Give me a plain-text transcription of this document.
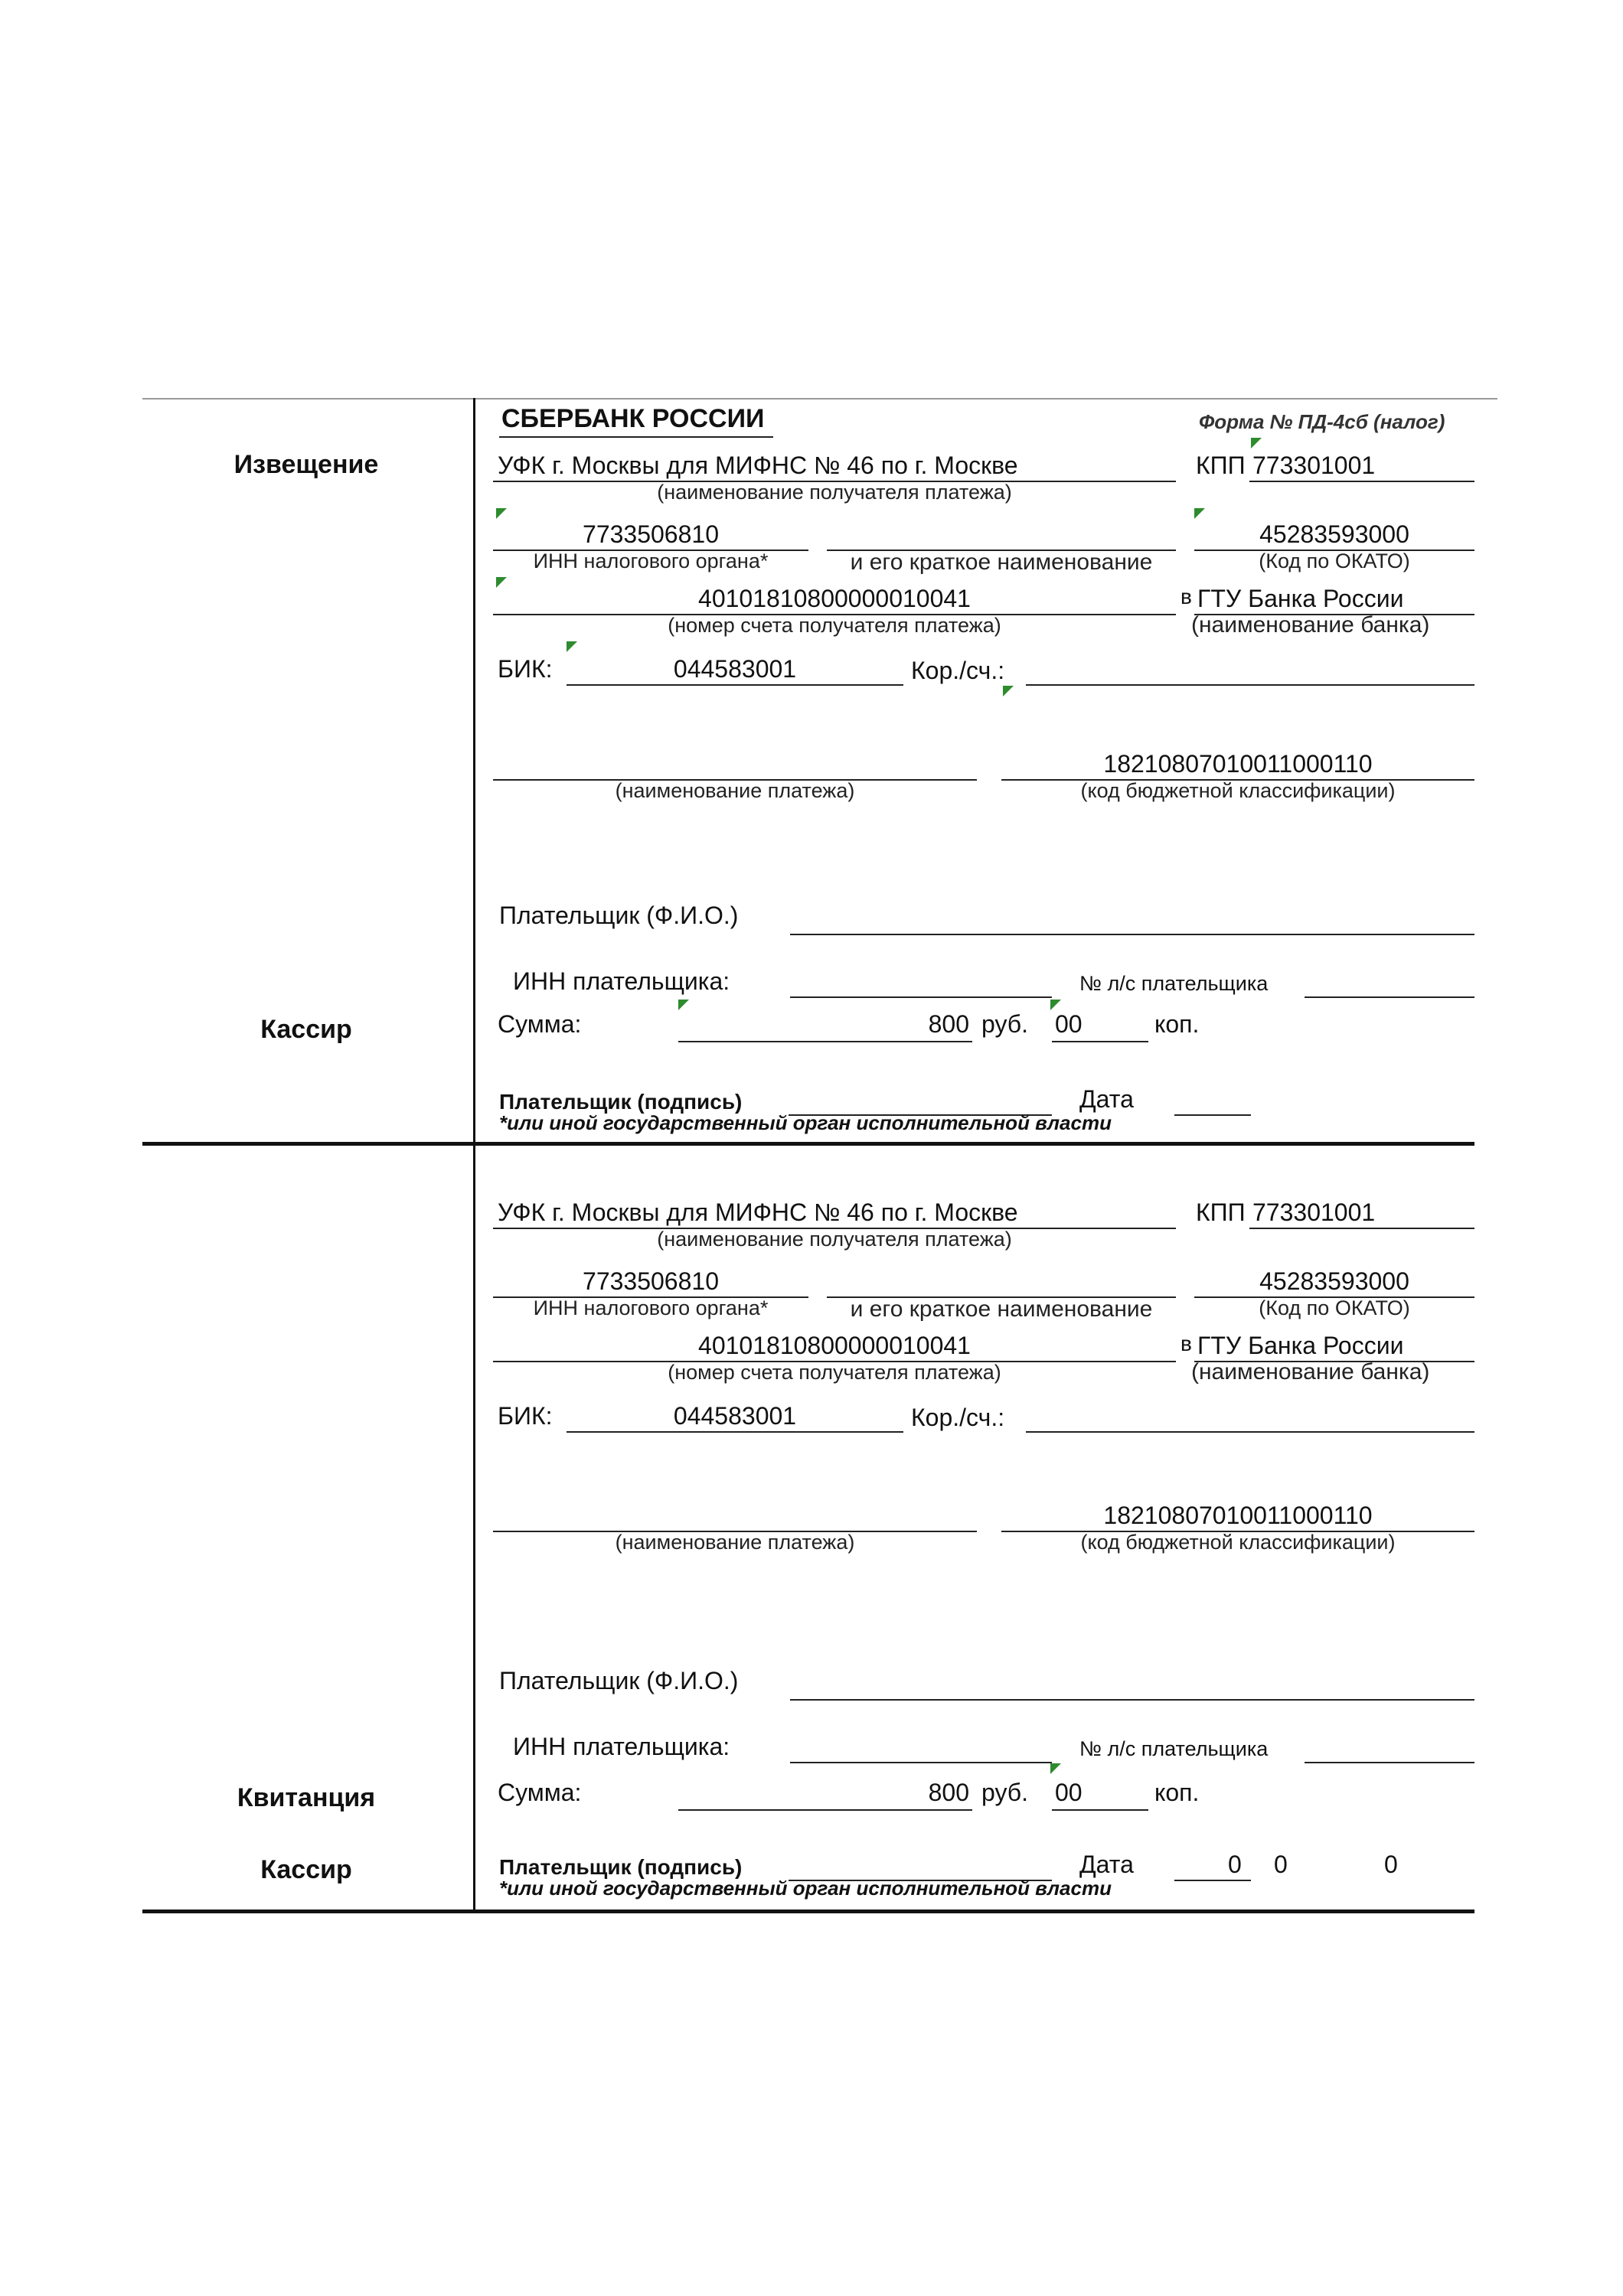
Извещение
Кассир
Квитанция
Кассир
СБЕРБАНК РОССИИ	Форма № ПД-4сб (налог)
УФК г. Москвы для МИФНС № 46 по г. Москве
(наименование получателя платежа)
КПП 773301001
7733506810
ИНН налогового органа*	и его краткое наименование
45283593000
(Код по ОКАТО)
40101810800000010041
(номер счета получателя платежа)
в ГТУ Банка России
(наименование банка)
БИК:	044583001	Кор./сч.:
(наименование платежа)
18210807010011000110
(код бюджетной классификации)
Плательщик (Ф.И.О.)
ИНН плательщика:	№ л/с плательщика
Сумма:	800 руб. 00	коп.
Плательщик (подпись)	Дата
*или иной государственный орган исполнительной власти
УФК г. Москвы для МИФНС № 46 по г. Москве
(наименование получателя платежа)
КПП 773301001
7733506810
ИНН налогового органа*	и его краткое наименование
45283593000
(Код по ОКАТО)
40101810800000010041
(номер счета получателя платежа)
в ГТУ Банка России
(наименование банка)
БИК:	044583001	Кор./сч.:
(наименование платежа)
18210807010011000110
(код бюджетной классификации)
Плательщик (Ф.И.О.)
ИНН плательщика:	№ л/с плательщика
Сумма:	800 руб. 00	коп.
Плательщик (подпись)	Дата	0 0	0
*или иной государственный орган исполнительной власти
